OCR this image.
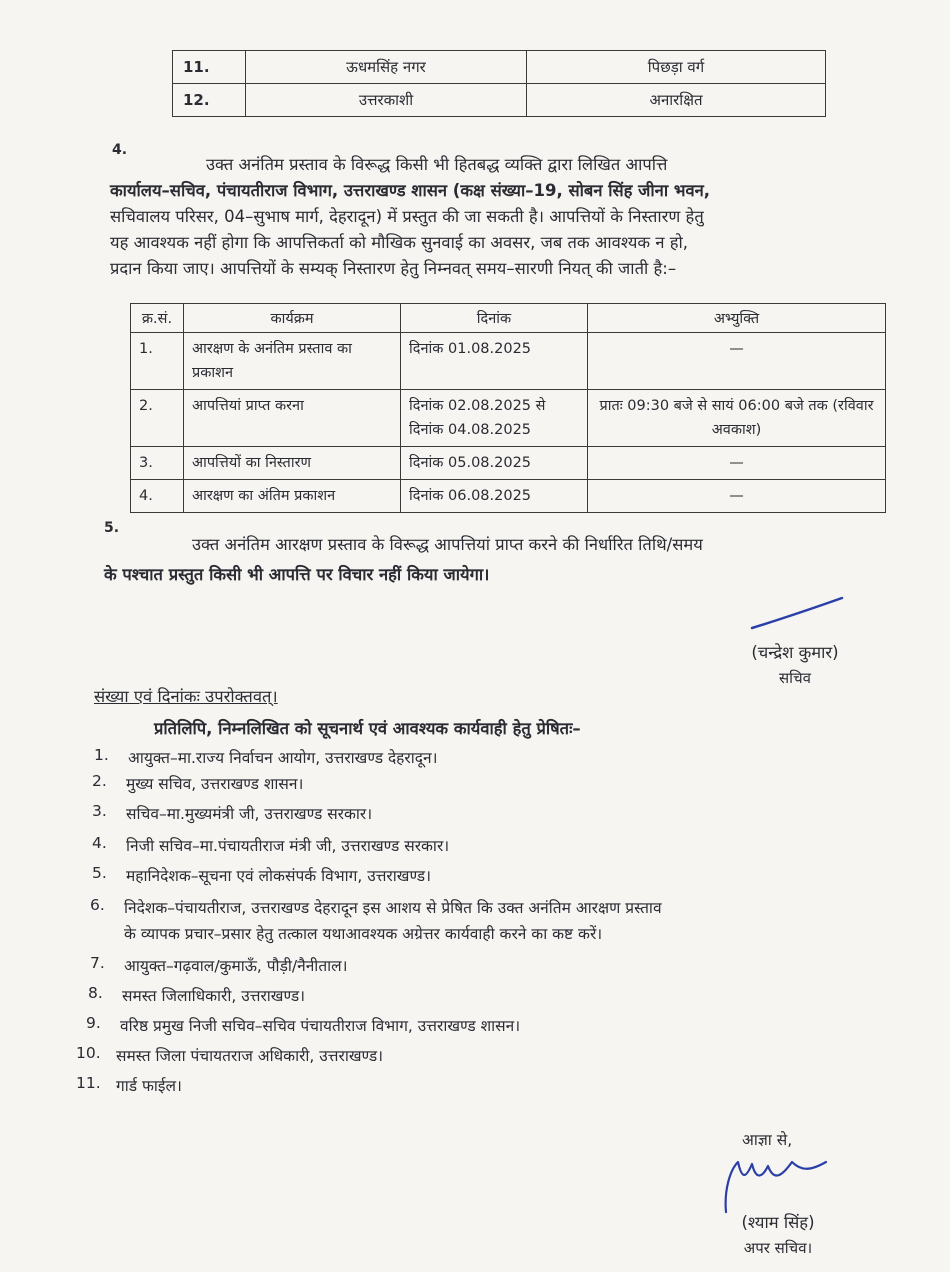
11.	ऊधमसिंह नगर	पिछड़ा वर्ग
12.	उत्तरकाशी	अनारक्षित
4.
उक्त अनंतिम प्रस्ताव के विरूद्ध किसी भी हितबद्ध व्यक्ति द्वारा लिखित आपत्ति
कार्यालय–सचिव, पंचायतीराज विभाग, उत्तराखण्ड शासन (कक्ष संख्या–19, सोबन सिंह जीना भवन,
सचिवालय परिसर, 04–सुभाष मार्ग, देहरादून) में प्रस्तुत की जा सकती है। आपत्तियों के निस्तारण हेतु
यह आवश्यक नहीं होगा कि आपत्तिकर्ता को मौखिक सुनवाई का अवसर, जब तक आवश्यक न हो,
प्रदान किया जाए। आपत्तियों के सम्यक् निस्तारण हेतु निम्नवत् समय–सारणी नियत् की जाती है:–
क्र.सं.	कार्यक्रम	दिनांक	अभ्युक्ति
1.	आरक्षण के अनंतिम प्रस्ताव का प्रकाशन	दिनांक 01.08.2025	—
2.	आपत्तियां प्राप्त करना	दिनांक 02.08.2025 से दिनांक 04.08.2025	प्रातः 09:30 बजे से सायं 06:00 बजे तक (रविवार अवकाश)
3.	आपत्तियों का निस्तारण	दिनांक 05.08.2025	—
4.	आरक्षण का अंतिम प्रकाशन	दिनांक 06.08.2025	—
5.
उक्त अनंतिम आरक्षण प्रस्ताव के विरूद्ध आपत्तियां प्राप्त करने की निर्धारित तिथि/समय
के पश्चात प्रस्तुत किसी भी आपत्ति पर विचार नहीं किया जायेगा।
(चन्द्रेश कुमार)
सचिव
संख्या एवं दिनांकः उपरोक्तवत्।
प्रतिलिपि, निम्नलिखित को सूचनार्थ एवं आवश्यक कार्यवाही हेतु प्रेषितः–
1.	आयुक्त–मा.राज्य निर्वाचन आयोग, उत्तराखण्ड देहरादून।
2.	मुख्य सचिव, उत्तराखण्ड शासन।
3.	सचिव–मा.मुख्यमंत्री जी, उत्तराखण्ड सरकार।
4.	निजी सचिव–मा.पंचायतीराज मंत्री जी, उत्तराखण्ड सरकार।
5.	महानिदेशक–सूचना एवं लोकसंपर्क विभाग, उत्तराखण्ड।
6.	निदेशक–पंचायतीराज, उत्तराखण्ड देहरादून इस आशय से प्रेषित कि उक्त अनंतिम आरक्षण प्रस्ताव
के व्यापक प्रचार–प्रसार हेतु तत्काल यथाआवश्यक अग्रेत्तर कार्यवाही करने का कष्ट करें।
7.	आयुक्त–गढ़वाल/कुमाऊँ, पौड़ी/नैनीताल।
8.	समस्त जिलाधिकारी, उत्तराखण्ड।
9.	वरिष्ठ प्रमुख निजी सचिव–सचिव पंचायतीराज विभाग, उत्तराखण्ड शासन।
10. समस्त जिला पंचायतराज अधिकारी, उत्तराखण्ड।
11. गार्ड फाईल।
आज्ञा से,
(श्याम सिंह)
अपर सचिव।
